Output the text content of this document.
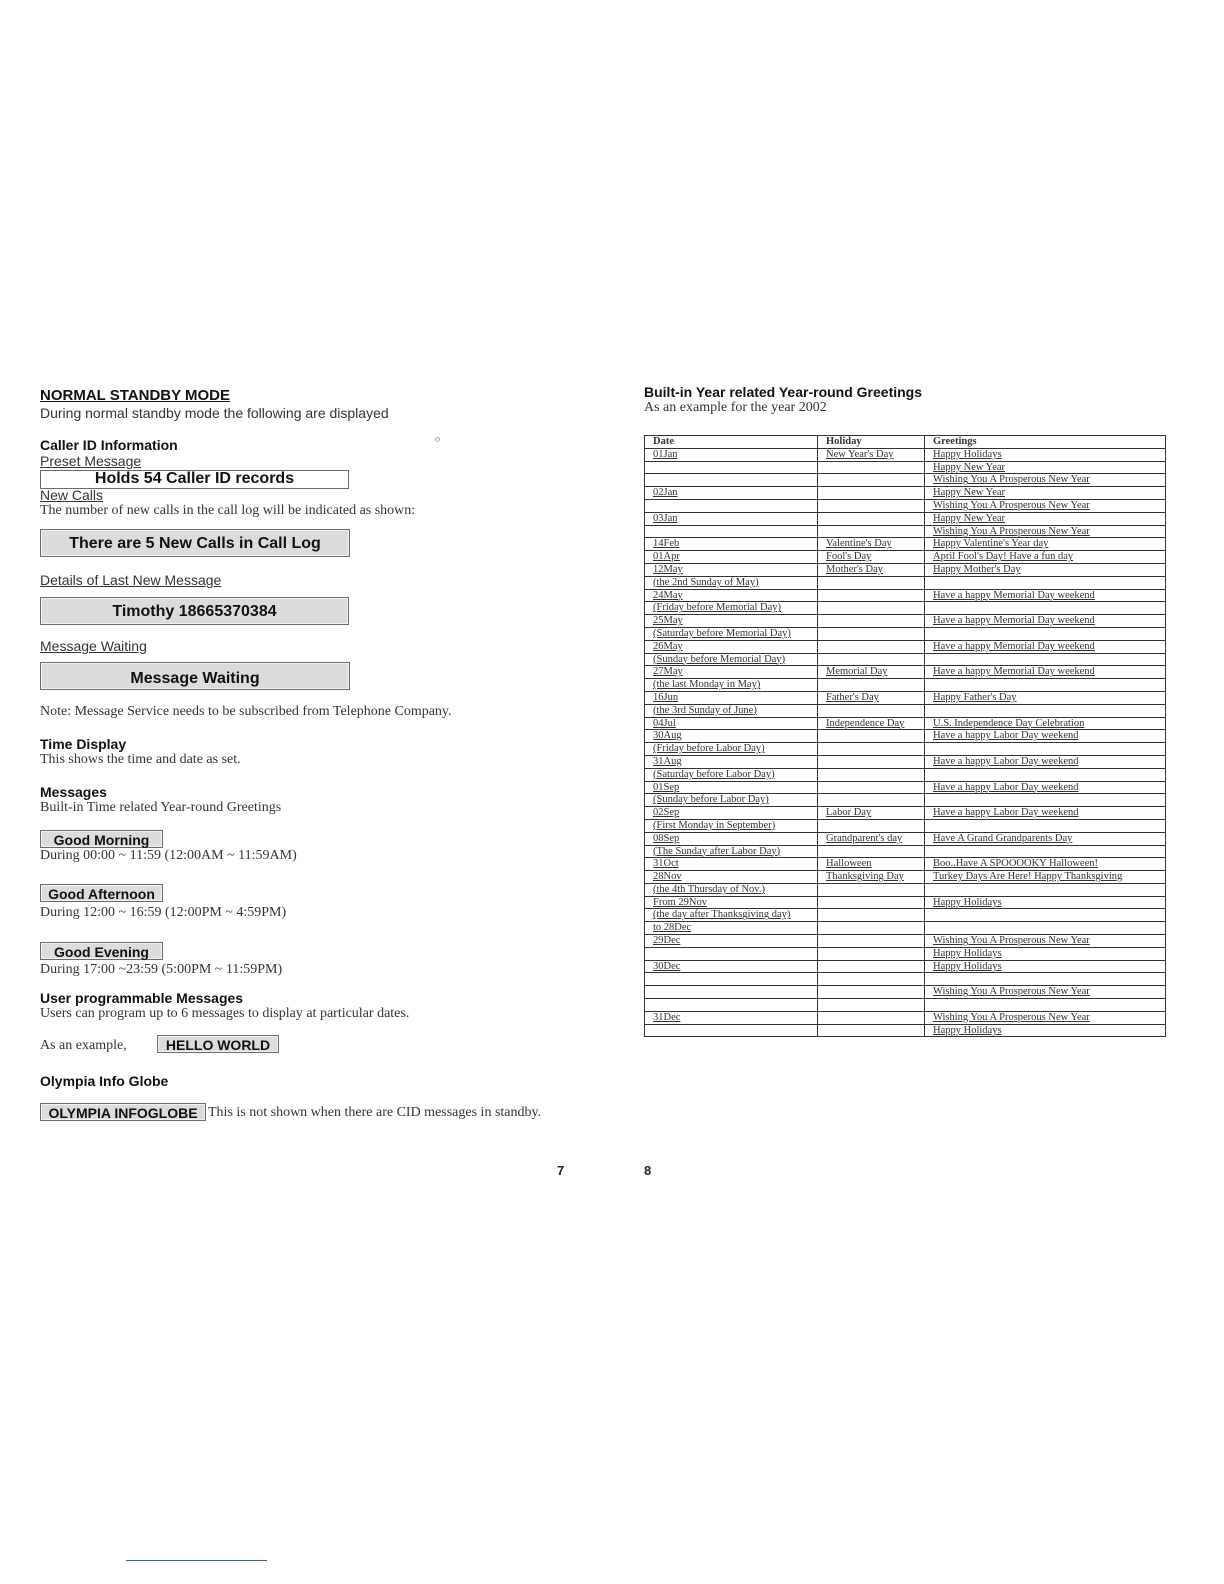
NORMAL STANDBY MODE
During normal standby mode the following are displayed
Caller ID Information
Preset Message
Holds 54 Caller ID records
New Calls
The number of new calls in the call log will be indicated as shown:
There are 5 New Calls in Call Log
Details of Last New Message
Timothy 18665370384
Message Waiting
Message Waiting
Note: Message Service needs to be subscribed from Telephone Company.
Time Display
This shows the time and date as set.
Messages
Built-in Time related Year-round Greetings
Good Morning
During 00:00 ~ 11:59 (12:00AM ~ 11:59AM)
Good Afternoon
During 12:00 ~ 16:59 (12:00PM ~ 4:59PM)
Good Evening
During 17:00 ~23:59 (5:00PM ~ 11:59PM)
User programmable Messages
Users can program up to 6 messages to display at particular dates.
As an example,	HELLO WORLD
Olympia Info Globe
OLYMPIA INFOGLOBE This is not shown when there are CID messages in standby.
7
Built-in Year related Year-round Greetings
As an example for the year 2002
Date	Holiday	Greetings
01Jan	New Year's Day	Happy Holidays
		Happy New Year
		Wishing You A Prosperous New Year
02Jan		Happy New Year
		Wishing You A Prosperous New Year
03Jan		Happy New Year
		Wishing You A Prosperous New Year
14Feb	Valentine's Day	Happy Valentine's Year day
01Apr	Fool's Day	April Fool's Day! Have a fun day
12May	Mother's Day	Happy Mother's Day
(the 2nd Sunday of May)		
24May		Have a happy Memorial Day weekend
(Friday before Memorial Day)		
25May		Have a happy Memorial Day weekend
(Saturday before Memorial Day)		
26May		Have a happy Memorial Day weekend
(Sunday before Memorial Day)		
27May	Memorial Day	Have a happy Memorial Day weekend
(the last Monday in May)		
16Jun	Father's Day	Happy Father's Day
(the 3rd Sunday of June)		
04Jul	Independence Day	U.S. Independence Day Celebration
30Aug		Have a happy Labor Day weekend
(Friday before Labor Day)		
31Aug		Have a happy Labor Day weekend
(Saturday before Labor Day)		
01Sep		Have a happy Labor Day weekend
(Sunday before Labor Day)		
02Sep	Labor Day	Have a happy Labor Day weekend
(First Monday in September)		
08Sep	Grandparent's day	Have A Grand Grandparents Day
(The Sunday after Labor Day)		
31Oct	Halloween	Boo..Have A SPOOOOKY Halloween!
28Nov	Thanksgiving Day	Turkey Days Are Here! Happy Thanksgiving
(the 4th Thursday of Nov.)		
From 29Nov		Happy Holidays
(the day after Thanksgiving day)		
to 28Dec		
29Dec		Wishing You A Prosperous New Year
		Happy Holidays
30Dec		Happy Holidays

		Wishing You A Prosperous New Year

31Dec		Wishing You A Prosperous New Year
		Happy Holidays
8
